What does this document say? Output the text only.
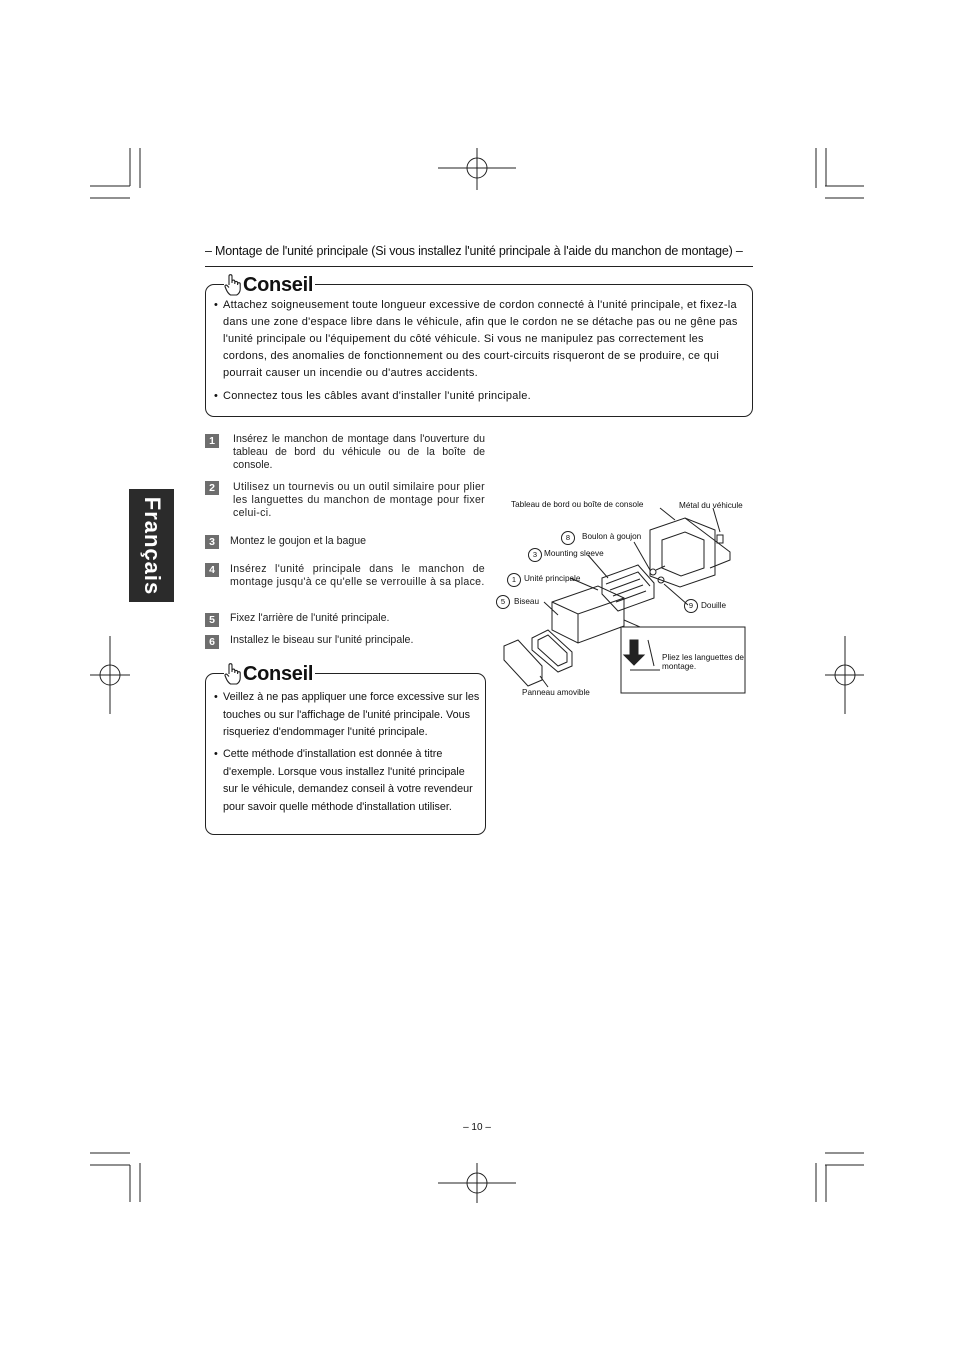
– Montage de l'unité principale (Si vous installez l'unité principale à l'aide du manchon de montage) –
Français
Conseil
• Attachez soigneusement toute longueur excessive de cordon connecté à l'unité principale, et fixez-la dans une zone d'espace libre dans le véhicule, afin que le cordon ne se détache pas ou ne gêne pas l'unité principale ou l'équipement du côté véhicule. Si vous ne manipulez pas correctement les cordons, des anomalies de fonctionnement ou des court-circuits risqueront de se produire, ce qui pourrait causer un incendie ou d'autres accidents.
• Connectez tous les câbles avant d'installer l'unité principale.
1	Insérez le manchon de montage dans l'ouverture du tableau de bord du véhicule ou de la boîte de console.
2	Utilisez un tournevis ou un outil similaire pour plier les languettes du manchon de montage pour fixer celui-ci.
3	Montez le goujon et la bague
4	Insérez l'unité principale dans le manchon de montage jusqu'à ce qu'elle se verrouille à sa place.
5	Fixez l'arrière de l'unité principale.
6	Installez le biseau sur l'unité principale.
Conseil
• Veillez à ne pas appliquer une force excessive sur les touches ou sur l'affichage de l'unité principale. Vous risqueriez d'endommager l'unité principale.
• Cette méthode d'installation est donnée à titre d'exemple. Lorsque vous installez l'unité principale sur le véhicule, demandez conseil à votre revendeur pour savoir quelle méthode d'installation utiliser.
Tableau de bord ou boîte de console	Métal du véhicule
8	Boulon à goujon
3 Mounting sleeve
1 Unité principale
5	Biseau	9 Douille
Pliez les languettes de montage.
Panneau amovible
– 10 –
